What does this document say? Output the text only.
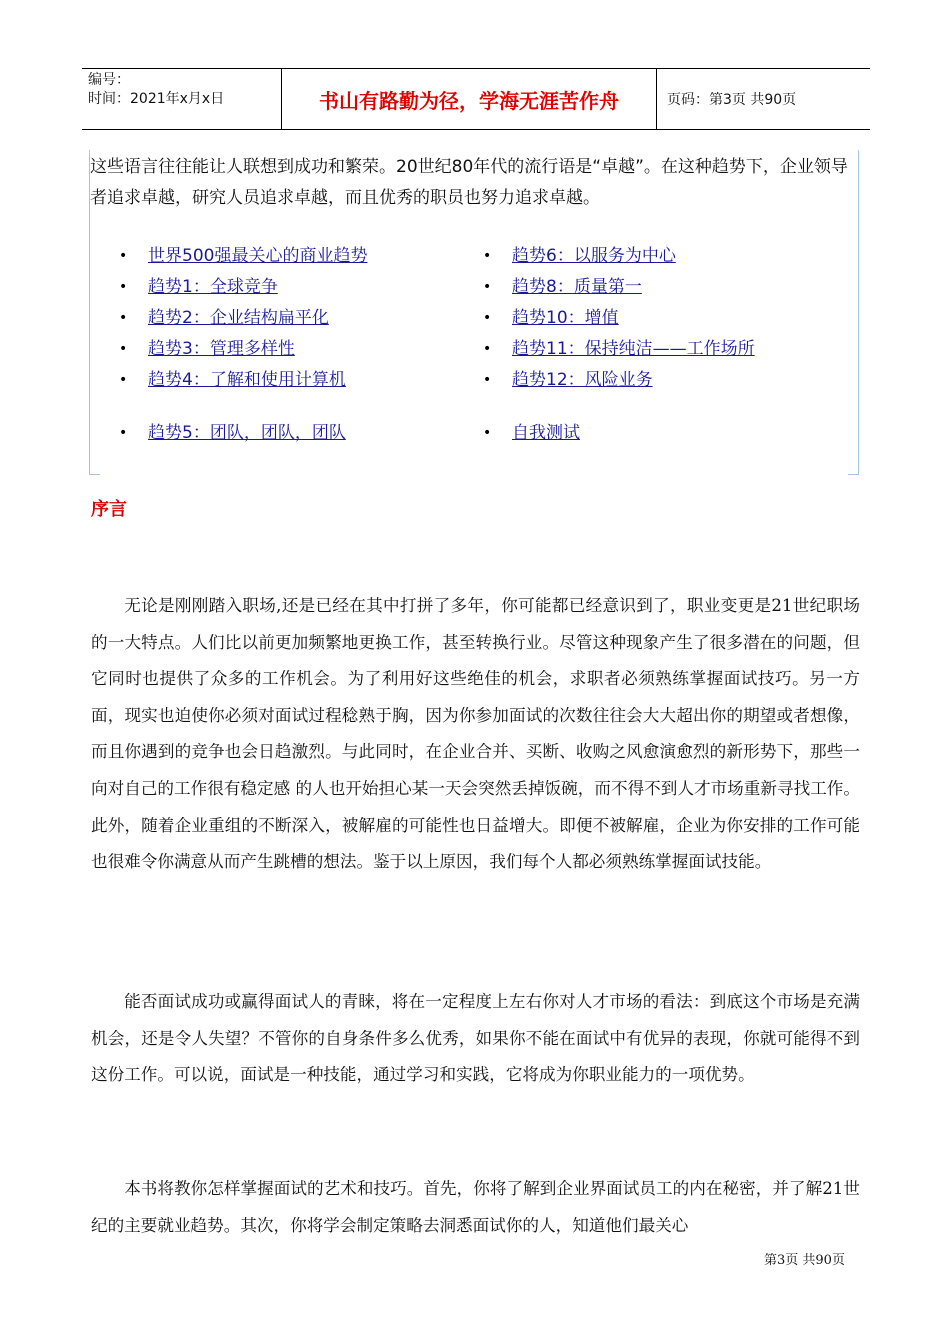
编号：
时间：2021年x月x日	书山有路勤为径，学海无涯苦作舟	页码：第3页 共90页

这些语言往往能让人联想到成功和繁荣。20世纪80年代的流行语是“卓越”。在这种趋势下，企业领导者追求卓越，研究人员追求卓越，而且优秀的职员也努力追求卓越。

• 世界500强最关心的商业趋势
• 趋势1：全球竞争
• 趋势2：企业结构扁平化
• 趋势3：管理多样性
• 趋势4：了解和使用计算机
• 趋势5：团队，团队，团队
• 趋势6：以服务为中心
• 趋势8：质量第一
• 趋势10：增值
• 趋势11：保持纯洁——工作场所
• 趋势12：风险业务
• 自我测试
序言

无论是刚刚踏入职场,还是已经在其中打拼了多年，你可能都已经意识到了，职业变更是21世纪职场的一大特点。人们比以前更加频繁地更换工作，甚至转换行业。尽管这种现象产生了很多潜在的问题，但它同时也提供了众多的工作机会。为了利用好这些绝佳的机会，求职者必须熟练掌握面试技巧。另一方面，现实也迫使你必须对面试过程稔熟于胸，因为你参加面试的次数往往会大大超出你的期望或者想像，而且你遇到的竞争也会日趋激烈。与此同时，在企业合并、买断、收购之风愈演愈烈的新形势下，那些一向对自己的工作很有稳定感 的人也开始担心某一天会突然丢掉饭碗，而不得不到人才市场重新寻找工作。此外，随着企业重组的不断深入，被解雇的可能性也日益增大。即便不被解雇，企业为你安排的工作可能也很难令你满意从而产生跳槽的想法。鉴于以上原因，我们每个人都必须熟练掌握面试技能。

能否面试成功或赢得面试人的青睐，将在一定程度上左右你对人才市场的看法：到底这个市场是充满机会，还是令人失望？不管你的自身条件多么优秀，如果你不能在面试中有优异的表现，你就可能得不到这份工作。可以说，面试是一种技能，通过学习和实践，它将成为你职业能力的一项优势。

本书将教你怎样掌握面试的艺术和技巧。首先，你将了解到企业界面试员工的内在秘密，并了解21世纪的主要就业趋势。其次，你将学会制定策略去洞悉面试你的人，知道他们最关心

第3页 共90页
